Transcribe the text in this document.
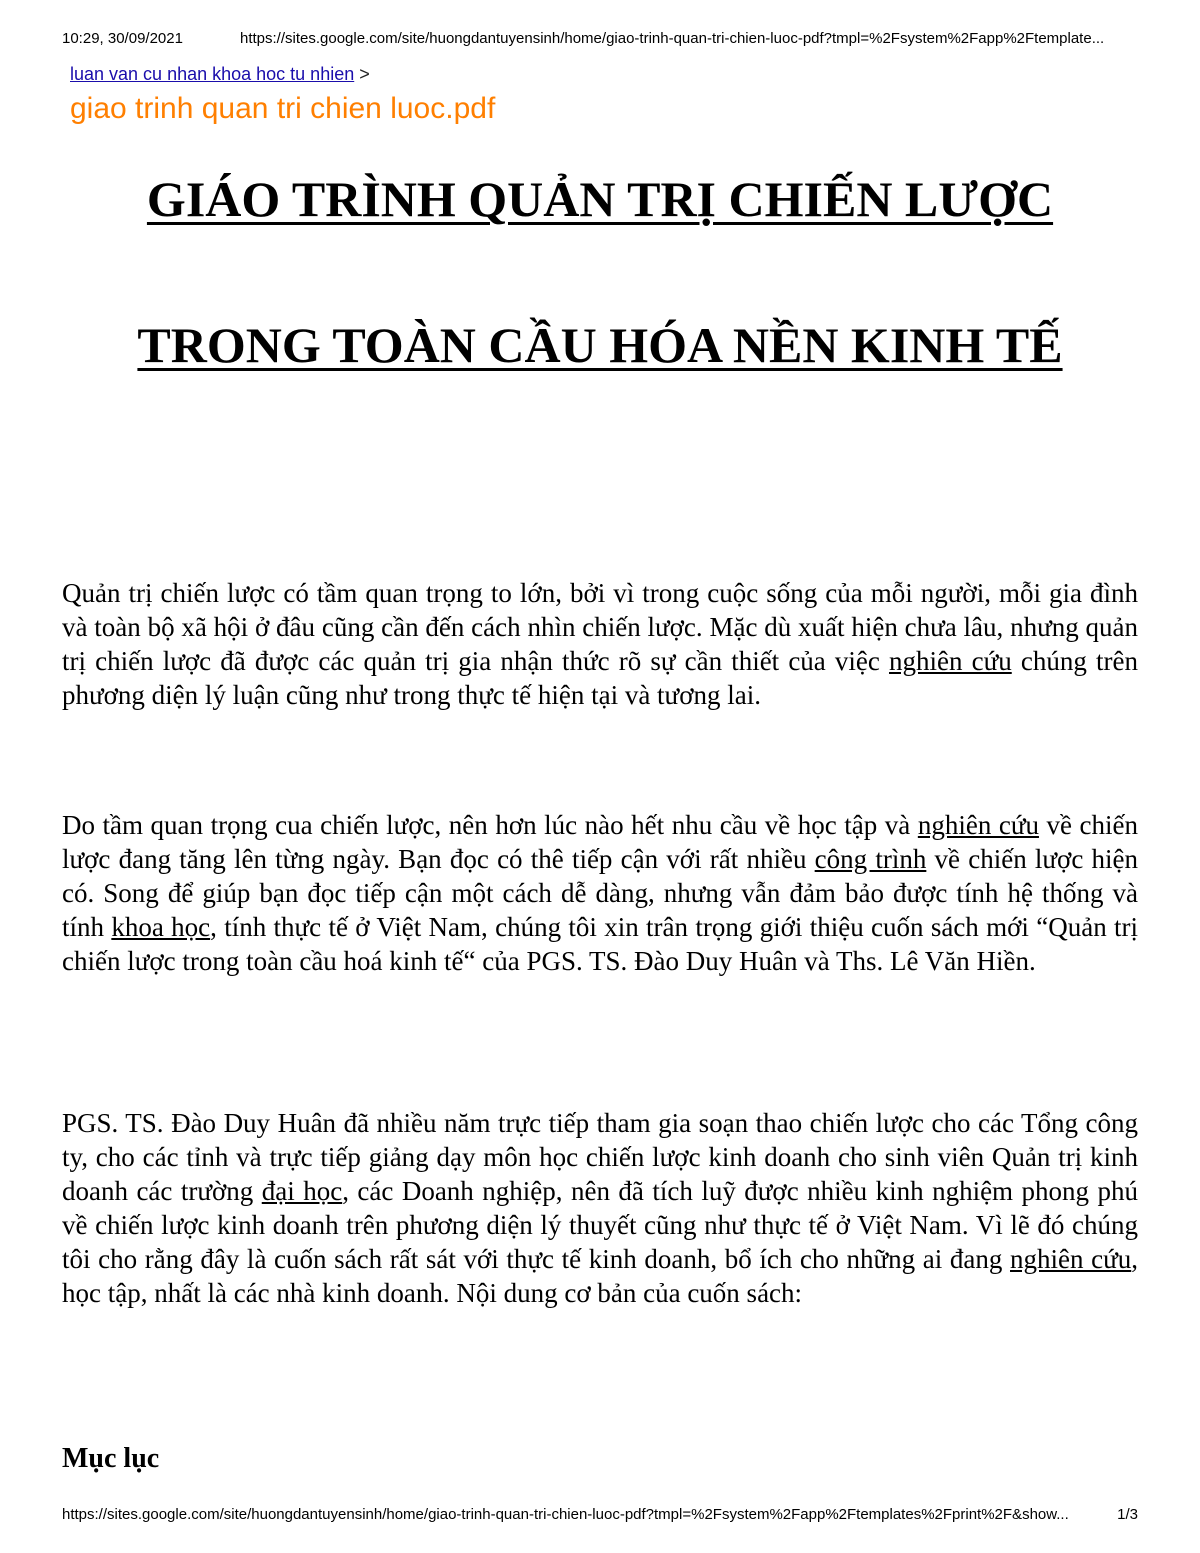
10:29, 30/09/2021	https://sites.google.com/site/huongdantuyensinh/home/giao-trinh-quan-tri-chien-luoc-pdf?tmpl=%2Fsystem%2Fapp%2Ftemplate...
luan van cu nhan khoa hoc tu nhien >
giao trinh quan tri chien luoc.pdf
GIÁO TRÌNH QUẢN TRỊ CHIẾN LƯỢC
TRONG TOÀN CẦU HÓA NỀN KINH TẾ

Quản trị chiến lược có tầm quan trọng to lớn, bởi vì trong cuộc sống của mỗi người, mỗi gia đình và toàn bộ xã hội ở đâu cũng cần đến cách nhìn chiến lược. Mặc dù xuất hiện chưa lâu, nhưng quản trị chiến lược đã được các quản trị gia nhận thức rõ sự cần thiết của việc nghiên cứu chúng trên phương diện lý luận cũng như trong thực tế hiện tại và tương lai.

Do tầm quan trọng cua chiến lược, nên hơn lúc nào hết nhu cầu về học tập và nghiên cứu về chiến lược đang tăng lên từng ngày. Bạn đọc có thê tiếp cận với rất nhiều công trình về chiến lược hiện có. Song để giúp bạn đọc tiếp cận một cách dễ dàng, nhưng vẫn đảm bảo được tính hệ thống và tính khoa học, tính thực tế ở Việt Nam, chúng tôi xin trân trọng giới thiệu cuốn sách mới “Quản trị chiến lược trong toàn cầu hoá kinh tế“ của PGS. TS. Đào Duy Huân và Ths. Lê Văn Hiền.

PGS. TS. Đào Duy Huân đã nhiều năm trực tiếp tham gia soạn thao chiến lược cho các Tổng công ty, cho các tỉnh và trực tiếp giảng dạy môn học chiến lược kinh doanh cho sinh viên Quản trị kinh doanh các trường đại học, các Doanh nghiệp, nên đã tích luỹ được nhiều kinh nghiệm phong phú về chiến lược kinh doanh trên phương diện lý thuyết cũng như thực tế ở Việt Nam. Vì lẽ đó chúng tôi cho rằng đây là cuốn sách rất sát với thực tế kinh doanh, bổ ích cho những ai đang nghiên cứu, học tập, nhất là các nhà kinh doanh. Nội dung cơ bản của cuốn sách:

Mục lục
https://sites.google.com/site/huongdantuyensinh/home/giao-trinh-quan-tri-chien-luoc-pdf?tmpl=%2Fsystem%2Fapp%2Ftemplates%2Fprint%2F&show...	1/3
